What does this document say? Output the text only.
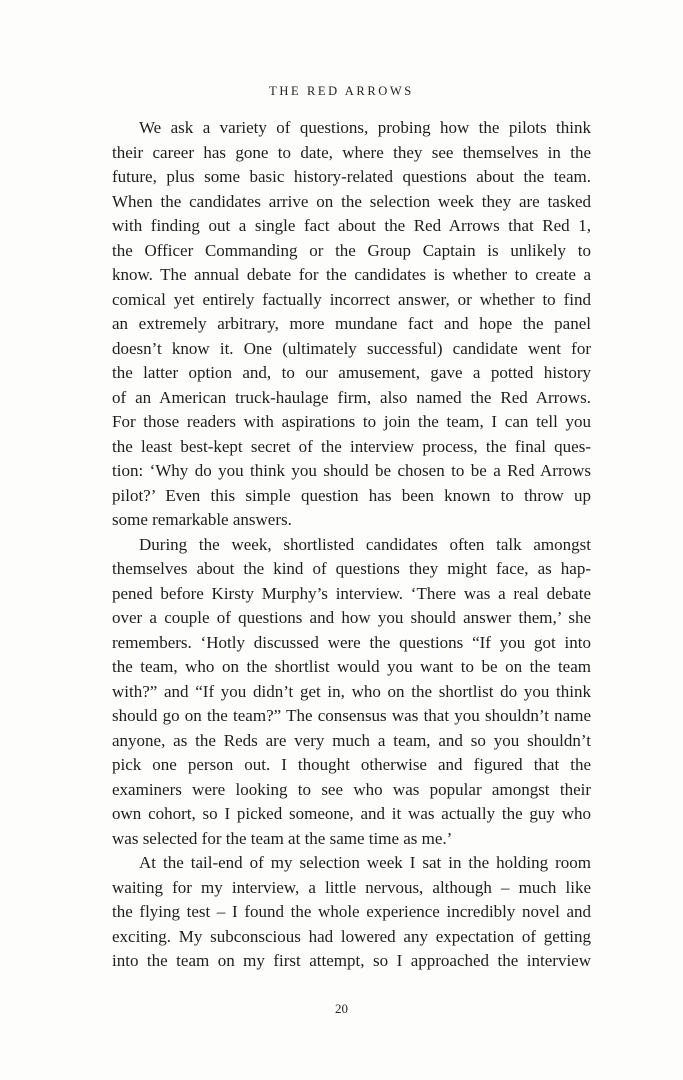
THE RED ARROWS
We ask a variety of questions, probing how the pilots think
their career has gone to date, where they see themselves in the
future, plus some basic history-related questions about the team.
When the candidates arrive on the selection week they are tasked
with finding out a single fact about the Red Arrows that Red 1,
the Officer Commanding or the Group Captain is unlikely to
know. The annual debate for the candidates is whether to create a
comical yet entirely factually incorrect answer, or whether to find
an extremely arbitrary, more mundane fact and hope the panel
doesn’t know it. One (ultimately successful) candidate went for
the latter option and, to our amusement, gave a potted history
of an American truck-haulage firm, also named the Red Arrows.
For those readers with aspirations to join the team, I can tell you
the least best-kept secret of the interview process, the final ques-
tion: ‘Why do you think you should be chosen to be a Red Arrows
pilot?’ Even this simple question has been known to throw up
some remarkable answers.
During the week, shortlisted candidates often talk amongst
themselves about the kind of questions they might face, as hap-
pened before Kirsty Murphy’s interview. ‘There was a real debate
over a couple of questions and how you should answer them,’ she
remembers. ‘Hotly discussed were the questions “If you got into
the team, who on the shortlist would you want to be on the team
with?” and “If you didn’t get in, who on the shortlist do you think
should go on the team?” The consensus was that you shouldn’t name
anyone, as the Reds are very much a team, and so you shouldn’t
pick one person out. I thought otherwise and figured that the
examiners were looking to see who was popular amongst their
own cohort, so I picked someone, and it was actually the guy who
was selected for the team at the same time as me.’
At the tail-end of my selection week I sat in the holding room
waiting for my interview, a little nervous, although – much like
the flying test – I found the whole experience incredibly novel and
exciting. My subconscious had lowered any expectation of getting
into the team on my first attempt, so I approached the interview
20
